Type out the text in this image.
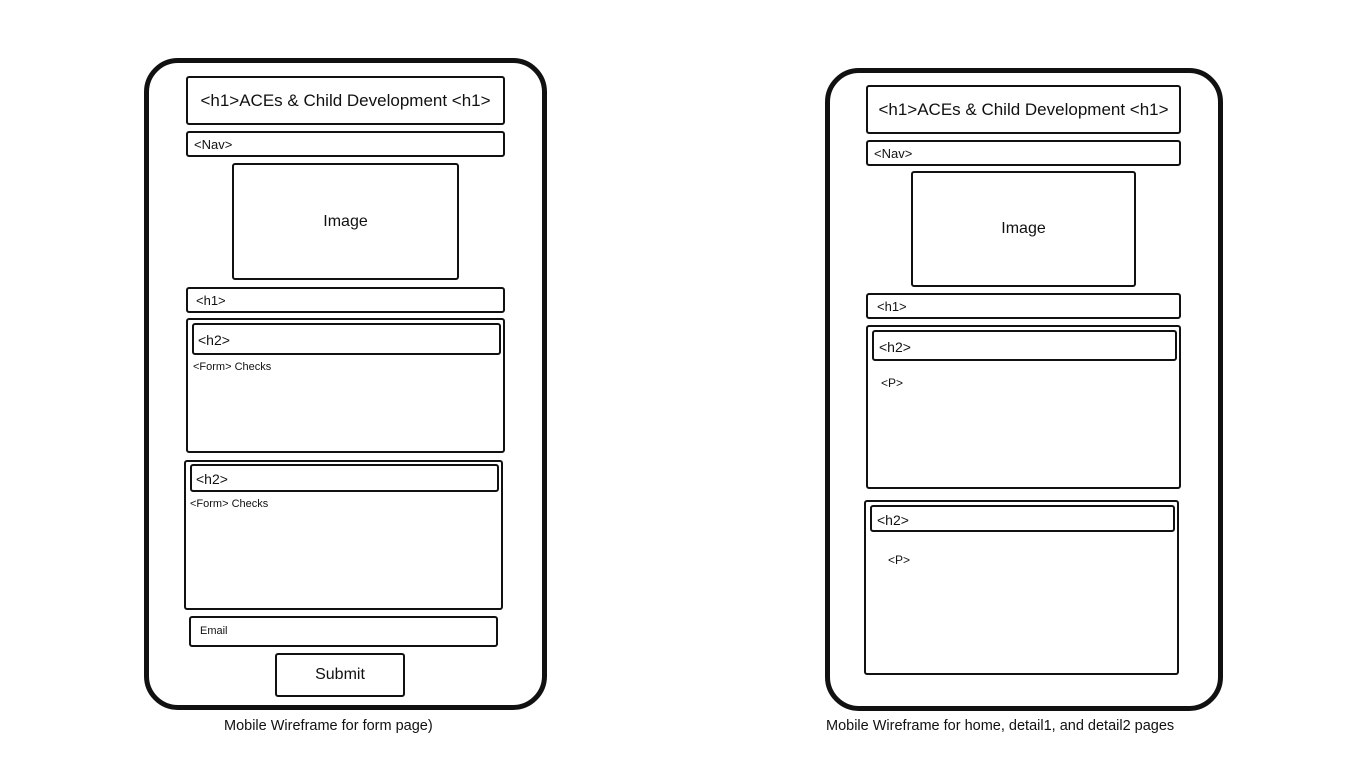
<h1>ACEs & Child Development <h1>
<Nav>
Image
<h1>
<h2>
<Form> Checks
<h2>
<Form> Checks
Email
Submit
Mobile Wireframe for form page)
<h1>ACEs & Child Development <h1>
<Nav>
Image
<h1>
<h2>
<P>
<h2>
<P>
Mobile Wireframe for home, detail1, and detail2 pages
